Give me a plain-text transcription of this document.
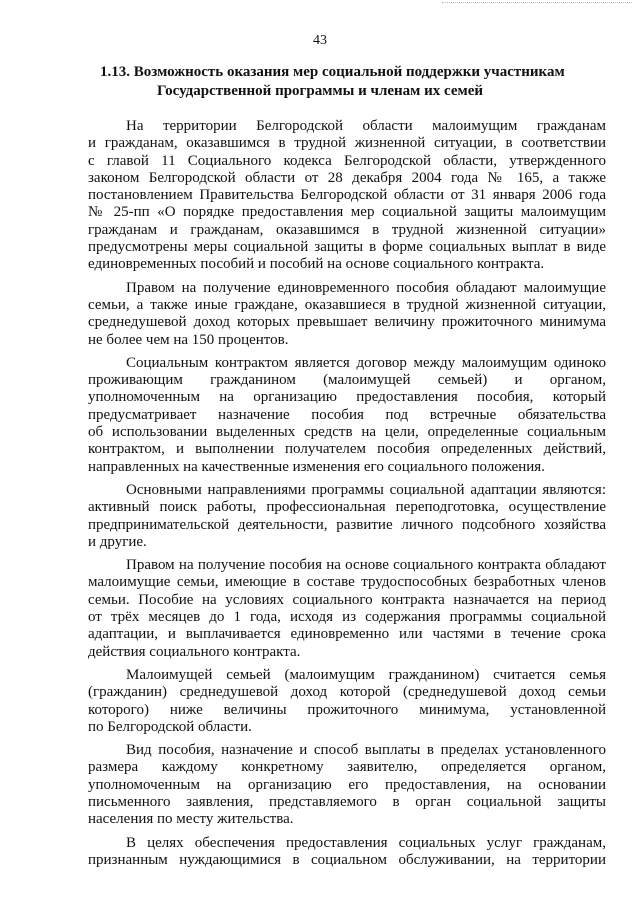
43
1.13. Возможность оказания мер социальной поддержки участникам
Государственной программы и членам их семей
На территории Белгородской области малоимущим гражданам
и гражданам, оказавшимся в трудной жизненной ситуации, в соответствии
с главой 11 Социального кодекса Белгородской области, утвержденного
законом Белгородской области от 28 декабря 2004 года № 165, а также
постановлением Правительства Белгородской области от 31 января 2006 года
№ 25-пп «О порядке предоставления мер социальной защиты малоимущим
гражданам и гражданам, оказавшимся в трудной жизненной ситуации»
предусмотрены меры социальной защиты в форме социальных выплат в виде
единовременных пособий и пособий на основе социального контракта.
Правом на получение единовременного пособия обладают малоимущие
семьи, а также иные граждане, оказавшиеся в трудной жизненной ситуации,
среднедушевой доход которых превышает величину прожиточного минимума
не более чем на 150 процентов.
Социальным контрактом является договор между малоимущим одиноко
проживающим гражданином (малоимущей семьей) и органом,
уполномоченным на организацию предоставления пособия, который
предусматривает назначение пособия под встречные обязательства
об использовании выделенных средств на цели, определенные социальным
контрактом, и выполнении получателем пособия определенных действий,
направленных на качественные изменения его социального положения.
Основными направлениями программы социальной адаптации являются:
активный поиск работы, профессиональная переподготовка, осуществление
предпринимательской деятельности, развитие личного подсобного хозяйства
и другие.
Правом на получение пособия на основе социального контракта обладают
малоимущие семьи, имеющие в составе трудоспособных безработных членов
семьи. Пособие на условиях социального контракта назначается на период
от трёх месяцев до 1 года, исходя из содержания программы социальной
адаптации, и выплачивается единовременно или частями в течение срока
действия социального контракта.
Малоимущей семьей (малоимущим гражданином) считается семья
(гражданин) среднедушевой доход которой (среднедушевой доход семьи
которого) ниже величины прожиточного минимума, установленной
по Белгородской области.
Вид пособия, назначение и способ выплаты в пределах установленного
размера каждому конкретному заявителю, определяется органом,
уполномоченным на организацию его предоставления, на основании
письменного заявления, представляемого в орган социальной защиты
населения по месту жительства.
В целях обеспечения предоставления социальных услуг гражданам,
признанным нуждающимися в социальном обслуживании, на территории
